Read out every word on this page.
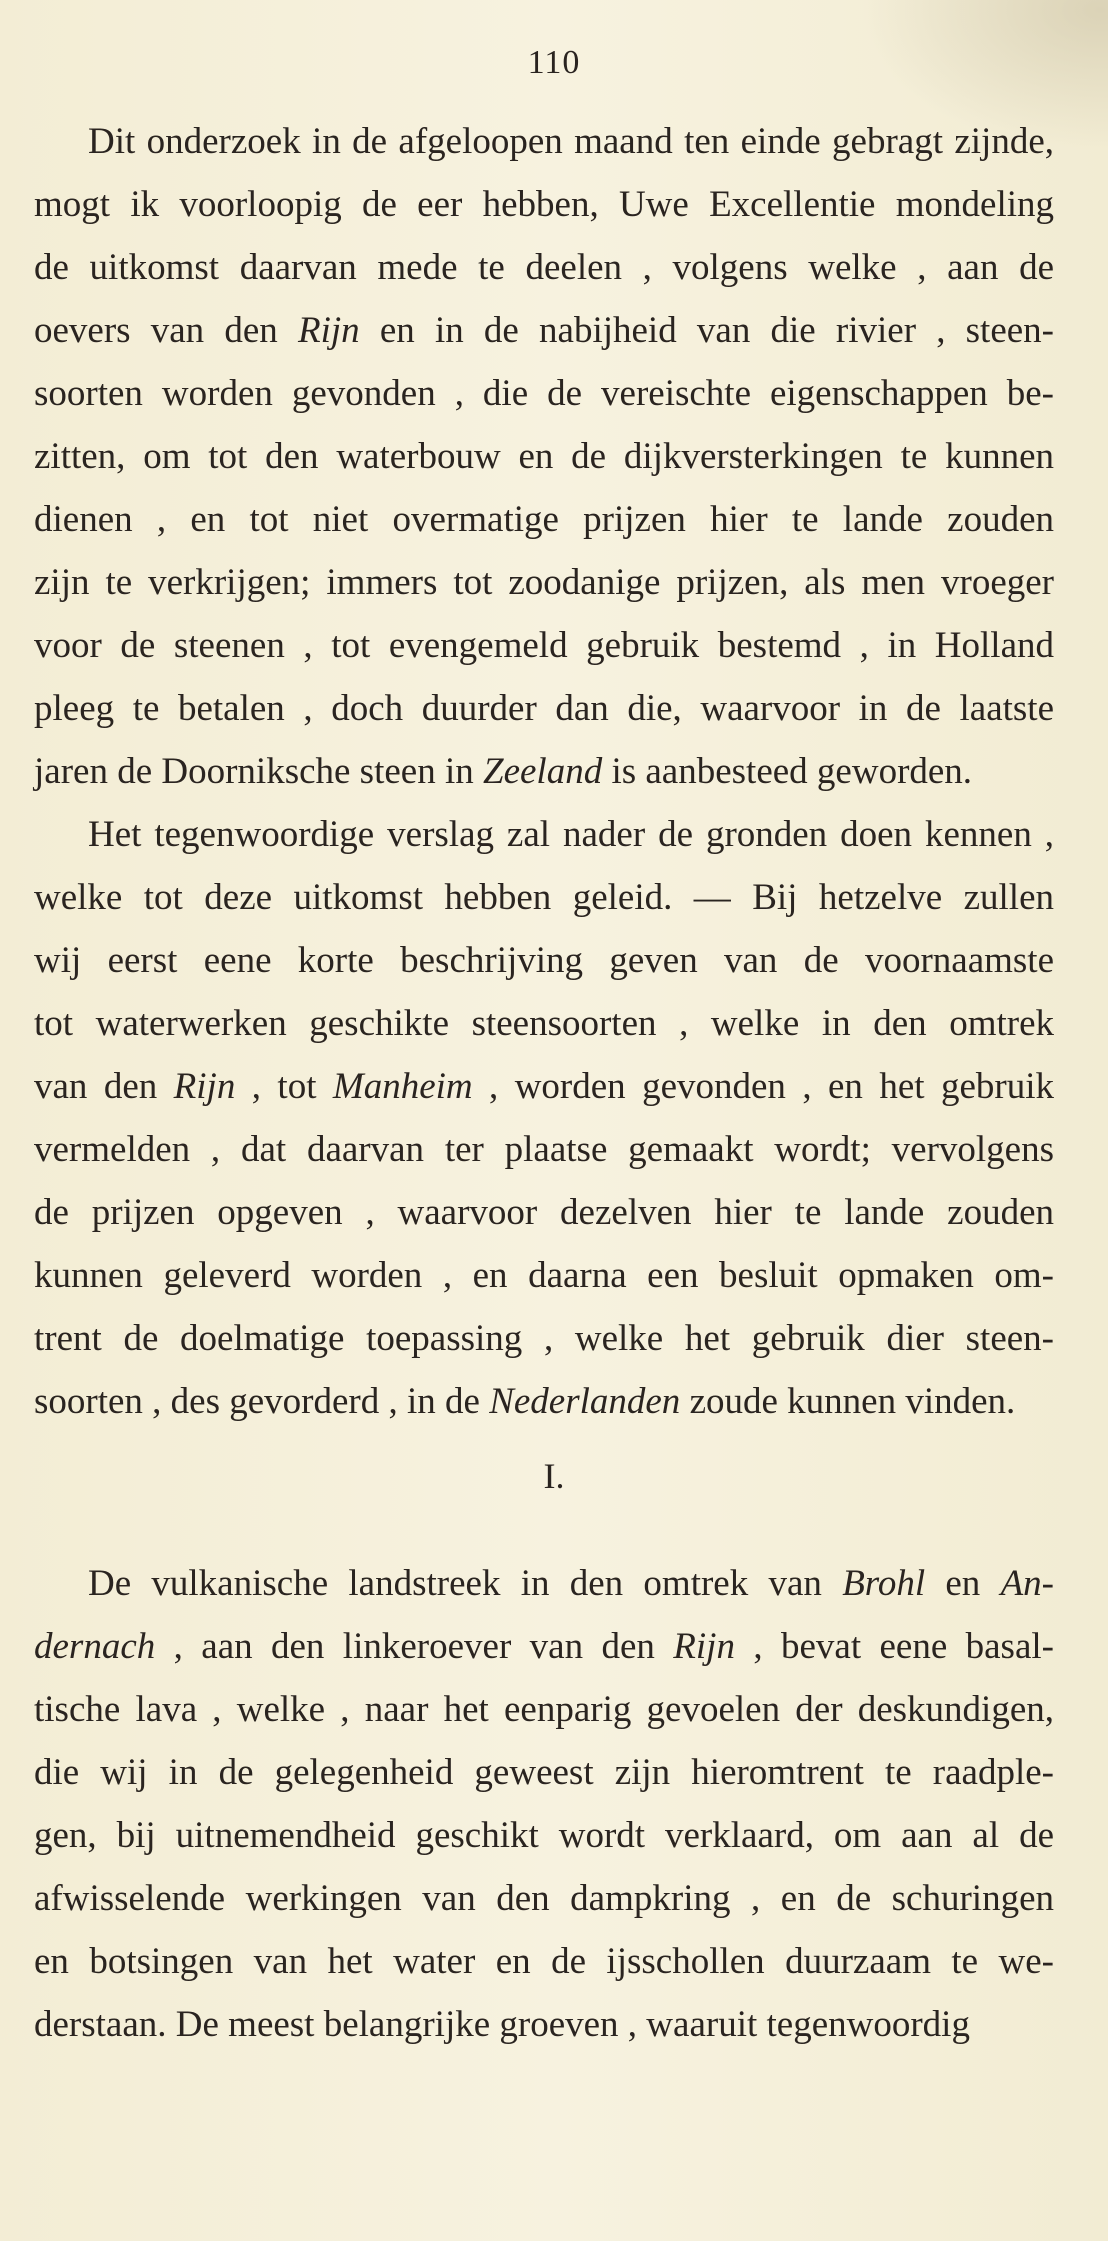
110
Dit onderzoek in de afgeloopen maand ten einde gebragt zijnde,
mogt ik voorloopig de eer hebben, Uwe Excellentie mondeling
de uitkomst daarvan mede te deelen , volgens welke , aan de
oevers van den Rijn en in de nabijheid van die rivier , steen-
soorten worden gevonden , die de vereischte eigenschappen be-
zitten, om tot den waterbouw en de dijkversterkingen te kunnen
dienen , en tot niet overmatige prijzen hier te lande zouden
zijn te verkrijgen; immers tot zoodanige prijzen, als men vroeger
voor de steenen , tot evengemeld gebruik bestemd , in Holland
pleeg te betalen , doch duurder dan die, waarvoor in de laatste
jaren de Doorniksche steen in Zeeland is aanbesteed geworden.
Het tegenwoordige verslag zal nader de gronden doen kennen ,
welke tot deze uitkomst hebben geleid. — Bij hetzelve zullen
wij eerst eene korte beschrijving geven van de voornaamste
tot waterwerken geschikte steensoorten , welke in den omtrek
van den Rijn , tot Manheim , worden gevonden , en het gebruik
vermelden , dat daarvan ter plaatse gemaakt wordt; vervolgens
de prijzen opgeven , waarvoor dezelven hier te lande zouden
kunnen geleverd worden , en daarna een besluit opmaken om-
trent de doelmatige toepassing , welke het gebruik dier steen-
soorten , des gevorderd , in de Nederlanden zoude kunnen vinden.
I.
De vulkanische landstreek in den omtrek van Brohl en An-
dernach , aan den linkeroever van den Rijn , bevat eene basal-
tische lava , welke , naar het eenparig gevoelen der deskundigen,
die wij in de gelegenheid geweest zijn hieromtrent te raadple-
gen, bij uitnemendheid geschikt wordt verklaard, om aan al de
afwisselende werkingen van den dampkring , en de schuringen
en botsingen van het water en de ijsschollen duurzaam te we-
derstaan. De meest belangrijke groeven , waaruit tegenwoordig
